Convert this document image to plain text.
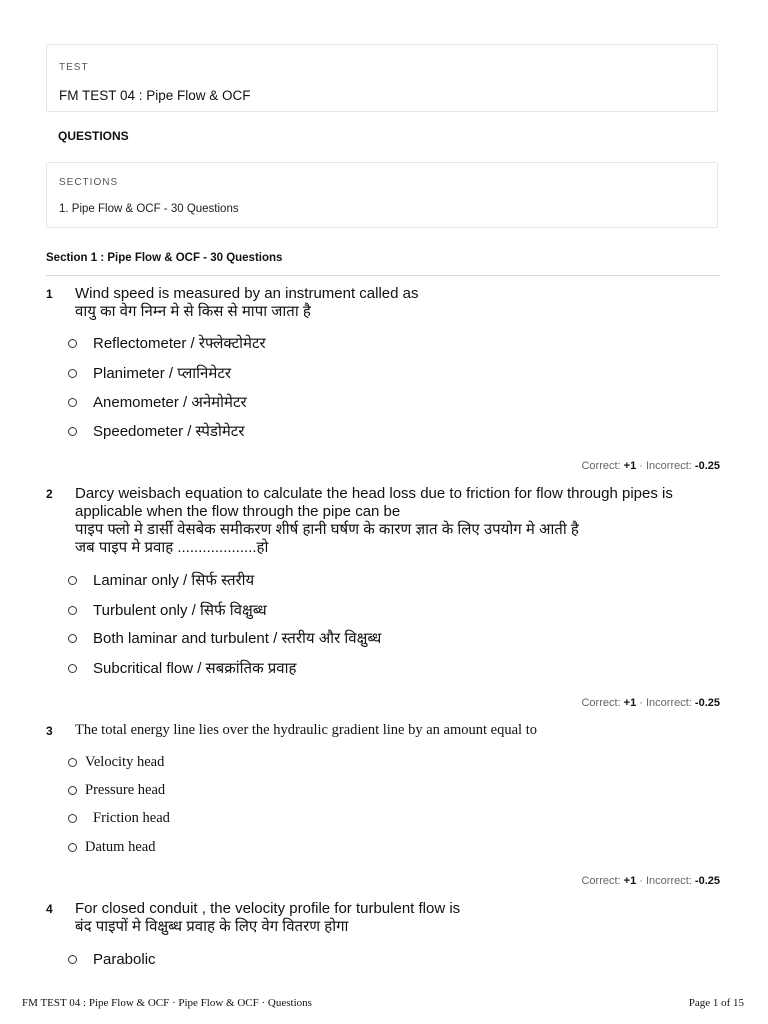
TEST
FM TEST 04 : Pipe Flow & OCF
QUESTIONS
SECTIONS
1. Pipe Flow & OCF - 30 Questions
Section 1 : Pipe Flow & OCF - 30 Questions
1 Wind speed is measured by an instrument called as
वायु का वेग निम्न मे से किस से मापा जाता है
Reflectometer / रेफ्लेक्टोमेटर
Planimeter / प्लानिमेटर
Anemometer / अनेमोमेटर
Speedometer / स्पेडोमेटर
Correct: +1 · Incorrect: -0.25
2 Darcy weisbach equation to calculate the head loss due to friction for flow through pipes is applicable when the flow through the pipe can be
पाइप फ्लो मे डार्सी वेसबेक समीकरण शीर्ष हानी घर्षण के कारण ज्ञात के लिए उपयोग मे आती है
जब पाइप मे प्रवाह ...................हो
Laminar only / सिर्फ स्तरीय
Turbulent only / सिर्फ विक्षुब्ध
Both laminar and turbulent / स्तरीय और विक्षुब्ध
Subcritical flow / सबक्रांतिक प्रवाह
Correct: +1 · Incorrect: -0.25
3 The total energy line lies over the hydraulic gradient line by an amount equal to
Velocity head
Pressure head
Friction head
Datum head
Correct: +1 · Incorrect: -0.25
4 For closed conduit , the velocity profile for turbulent flow is
बंद पाइपों मे विक्षुब्ध प्रवाह के लिए वेग वितरण होगा
Parabolic
FM TEST 04 : Pipe Flow & OCF · Pipe Flow & OCF · Questions	Page 1 of 15
